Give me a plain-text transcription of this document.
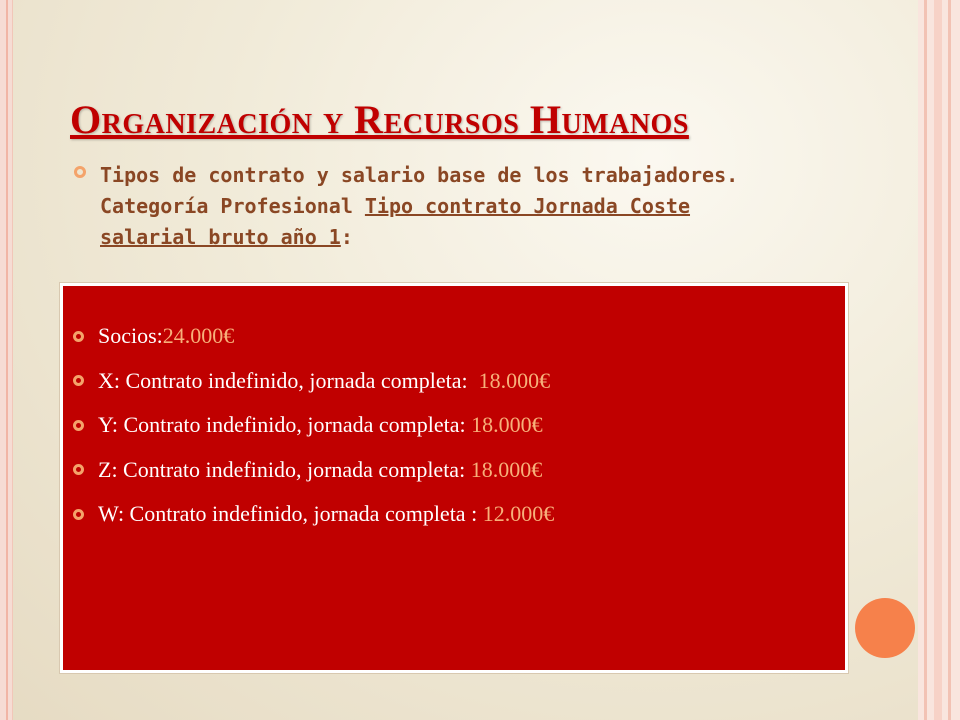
Organización y Recursos Humanos
Tipos de contrato y salario base de los trabajadores. Categoría Profesional Tipo contrato Jornada Coste salarial bruto año 1:
Socios: 24.000€
X: Contrato indefinido, jornada completa: 18.000€
Y: Contrato indefinido, jornada completa: 18.000€
Z: Contrato indefinido, jornada completa: 18.000€
W: Contrato indefinido, jornada completa : 12.000€
